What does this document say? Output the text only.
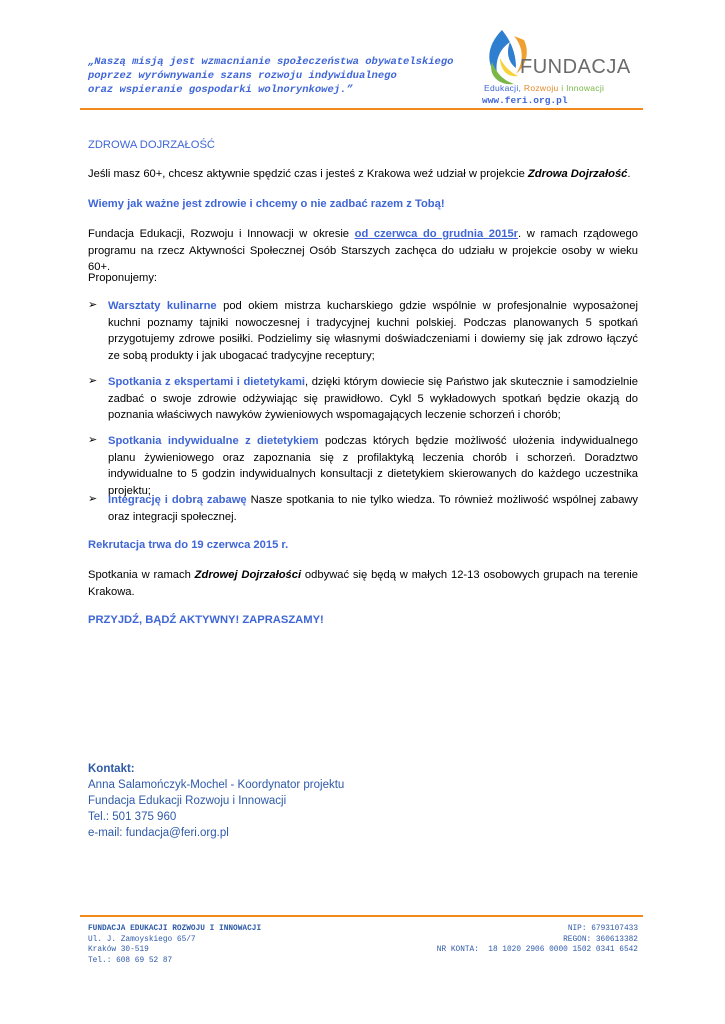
„Naszą misją jest wzmacnianie społeczeństwa obywatelskiego
poprzez wyrównywanie szans rozwoju indywidualnego
oraz wspieranie gospodarki wolnorynkowej.”
FUNDACJA
Edukacji, Rozwoju i Innowacji
www.feri.org.pl
ZDROWA DOJRZAŁOŚĆ
Jeśli masz 60+, chcesz aktywnie spędzić czas i jesteś z Krakowa weź udział w projekcie Zdrowa Dojrzałość.
Wiemy jak ważne jest zdrowie i chcemy o nie zadbać razem z Tobą!
Fundacja Edukacji, Rozwoju i Innowacji w okresie od czerwca do grudnia 2015r. w ramach rządowego programu na rzecz Aktywności Społecznej Osób Starszych zachęca do udziału w projekcie osoby w wieku 60+.
Proponujemy:
➢ Warsztaty kulinarne pod okiem mistrza kucharskiego gdzie wspólnie w profesjonalnie wyposażonej kuchni poznamy tajniki nowoczesnej i tradycyjnej kuchni polskiej. Podczas planowanych 5 spotkań przygotujemy zdrowe posiłki. Podzielimy się własnymi doświadczeniami i dowiemy się jak zdrowo łączyć ze sobą produkty i jak ubogacać tradycyjne receptury;
➢ Spotkania z ekspertami i dietetykami, dzięki którym dowiecie się Państwo jak skutecznie i samodzielnie zadbać o swoje zdrowie odżywiając się prawidłowo. Cykl 5 wykładowych spotkań będzie okazją do poznania właściwych nawyków żywieniowych wspomagających leczenie schorzeń i chorób;
➢ Spotkania indywidualne z dietetykiem podczas których będzie możliwość ułożenia indywidualnego planu żywieniowego oraz zapoznania się z profilaktyką leczenia chorób i schorzeń. Doradztwo indywidualne to 5 godzin indywidualnych konsultacji z dietetykiem skierowanych do każdego uczestnika projektu;
➢ Integrację i dobrą zabawę Nasze spotkania to nie tylko wiedza. To również możliwość wspólnej zabawy oraz integracji społecznej.
Rekrutacja trwa do 19 czerwca 2015 r.
Spotkania w ramach Zdrowej Dojrzałości odbywać się będą w małych 12-13 osobowych grupach na terenie Krakowa.
PRZYJDŹ, BĄDŹ AKTYWNY! ZAPRASZAMY!
Kontakt:
Anna Salamończyk-Mochel - Koordynator projektu
Fundacja Edukacji Rozwoju i Innowacji
Tel.: 501 375 960
e-mail: fundacja@feri.org.pl
FUNDACJA EDUKACJI ROZWOJU I INNOWACJI
Ul. J. Zamoyskiego 65/7
Kraków 30-519
Tel.: 608 69 52 87
NIP: 6793107433
REGON: 360613382
NR KONTA:  18 1020 2906 0000 1502 0341 6542
